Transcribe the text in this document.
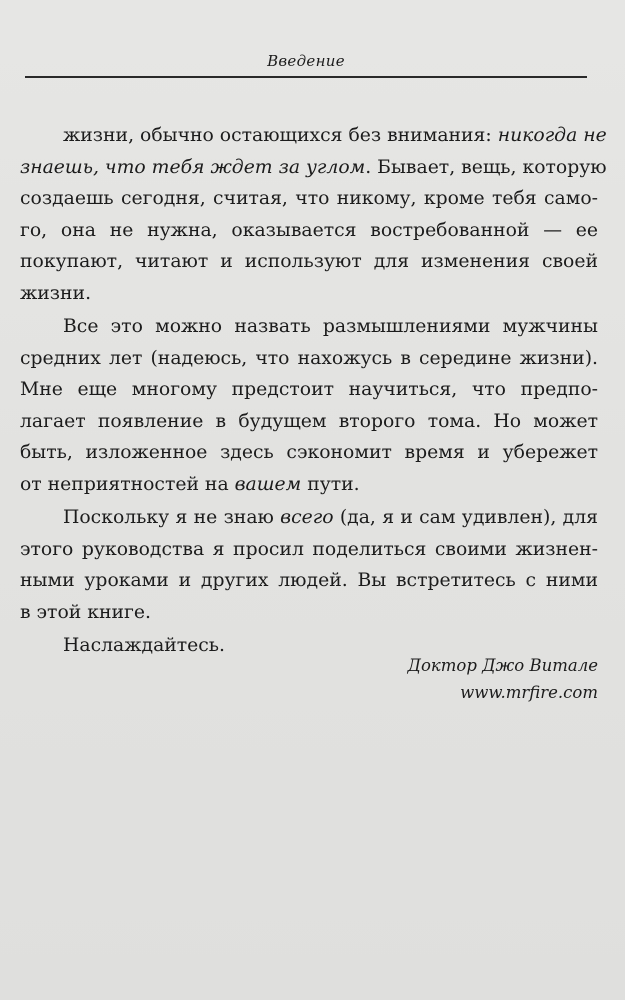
Введение

жизни, обычно остающихся без внимания: никогда не
знаешь, что тебя ждет за углом. Бывает, вещь, которую
создаешь сегодня, считая, что никому, кроме тебя само-
го, она не нужна, оказывается востребованной — ее
покупают, читают и используют для изменения своей
жизни.

Все это можно назвать размышлениями мужчины
средних лет (надеюсь, что нахожусь в середине жизни).
Мне еще многому предстоит научиться, что предпо-
лагает появление в будущем второго тома. Но может
быть, изложенное здесь сэкономит время и убережет
от неприятностей на вашем пути.

Поскольку я не знаю всего (да, я и сам удивлен), для
этого руководства я просил поделиться своими жизнен-
ными уроками и других людей. Вы встретитесь с ними
в этой книге.

Наслаждайтесь.

Доктор Джо Витале
www.mrfire.com
